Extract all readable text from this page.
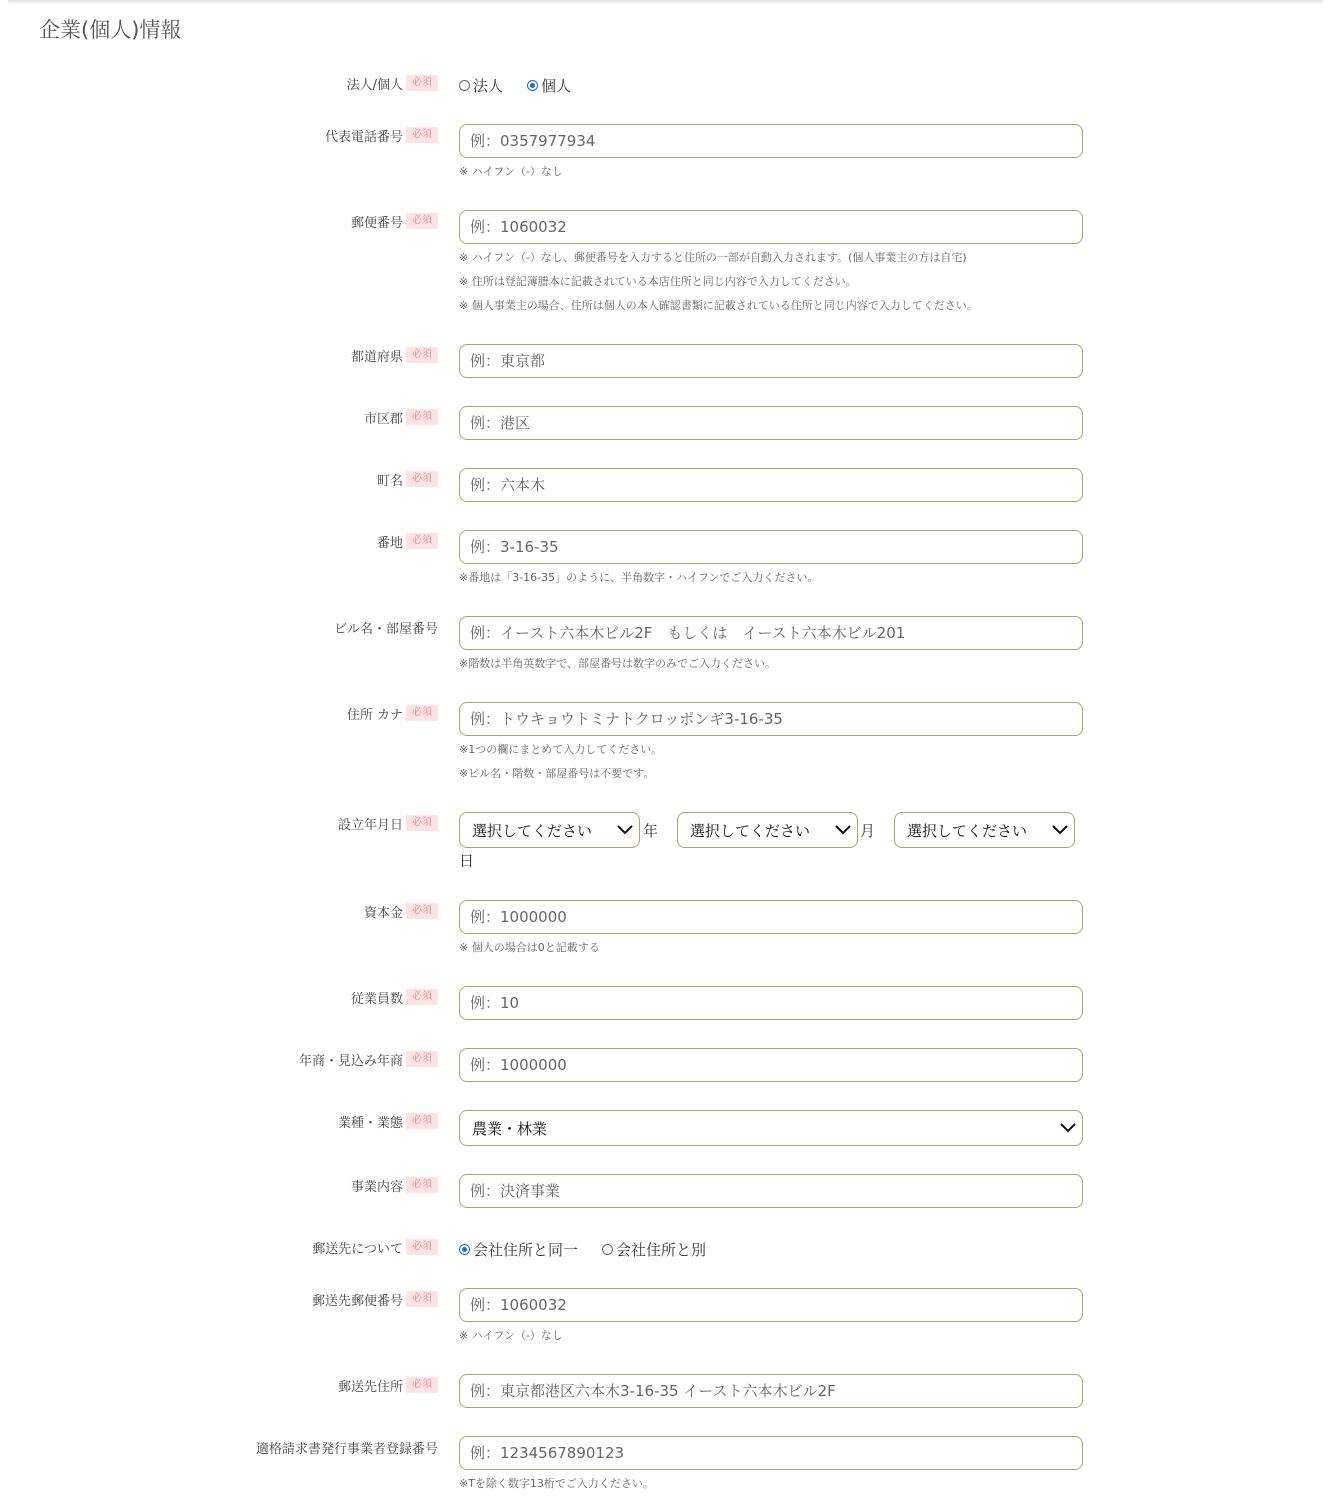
企業(個人)情報
法人/個人 必須	法人	個人
代表電話番号 必須
例：0357977934
※ ハイフン（-）なし
郵便番号 必須
例：1060032
※ ハイフン（-）なし、郵便番号を入力すると住所の一部が自動入力されます。(個人事業主の方は自宅)
※ 住所は登記簿謄本に記載されている本店住所と同じ内容で入力してください。
※ 個人事業主の場合、住所は個人の本人確認書類に記載されている住所と同じ内容で入力してください。
都道府県 必須
例：東京都
市区郡 必須
例：港区
町名 必須
例：六本木
番地 必須
例：3-16-35
※番地は「3-16-35」のように、半角数字・ハイフンでご入力ください。
ビル名・部屋番号
例：イースト六本木ビル2F　もしくは　イースト六本木ビル201
※階数は半角英数字で、部屋番号は数字のみでご入力ください。
住所 カナ 必須
例：トウキョウトミナトクロッポンギ3-16-35
※1つの欄にまとめて入力してください。
※ビル名・階数・部屋番号は不要です。
設立年月日 必須	選択してください	年 選択してください	月 選択してください
日
資本金 必須
例：1000000
※ 個人の場合は0と記載する
従業員数 必須
例：10
年商・見込み年商 必須
例：1000000
業種・業態 必須	農業・林業
事業内容 必須
例：決済事業
郵送先について 必須	会社住所と同一	会社住所と別
郵送先郵便番号 必須
例：1060032
※ ハイフン（-）なし
郵送先住所 必須
例：東京都港区六本木3-16-35 イースト六本木ビル2F
適格請求書発行事業者登録番号
例：1234567890123
※Tを除く数字13桁でご入力ください。
